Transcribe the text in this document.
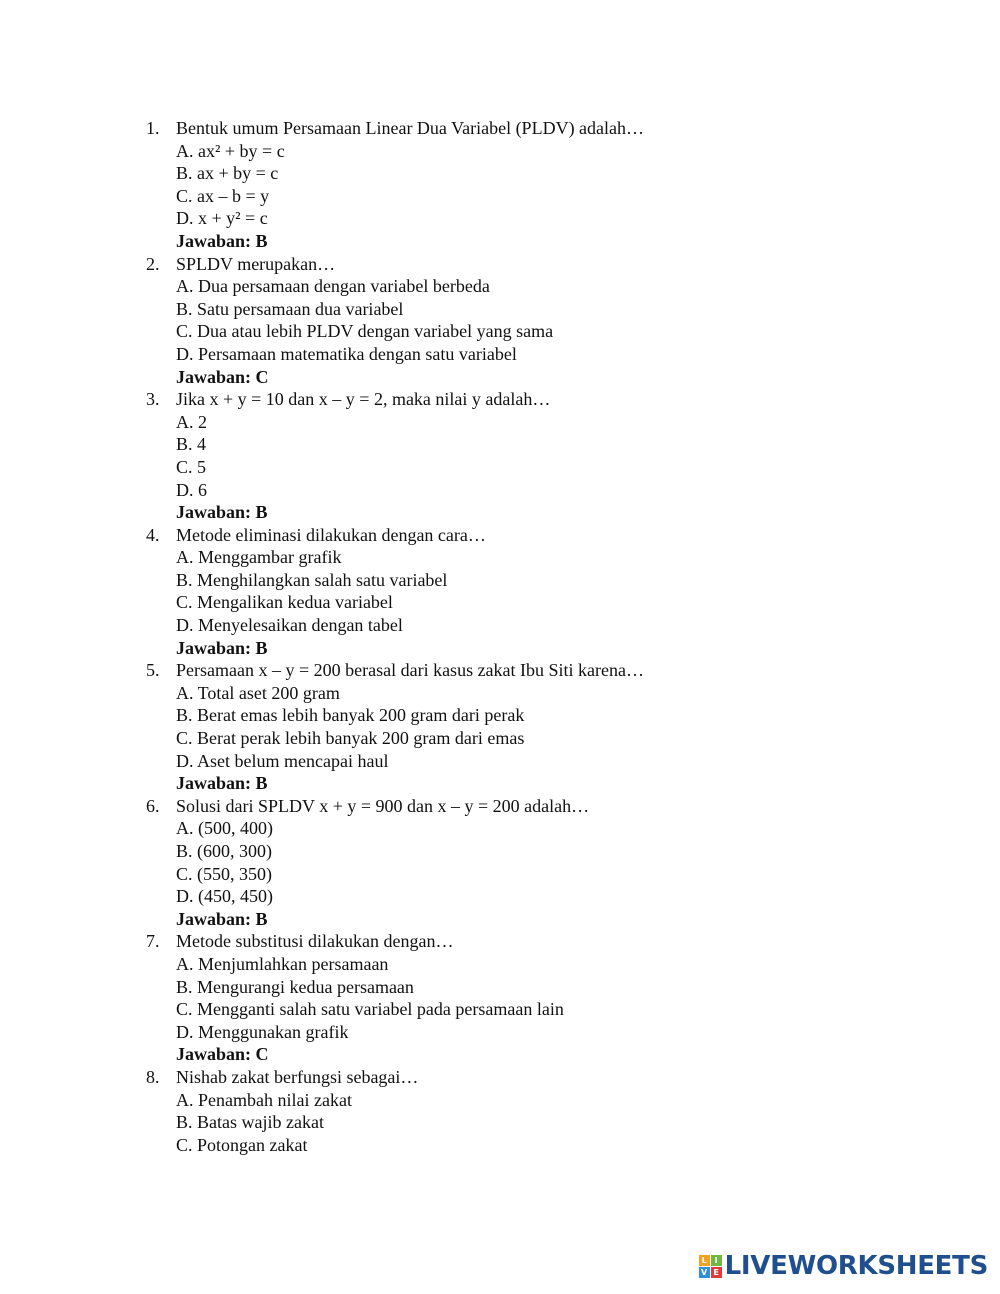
1. Bentuk umum Persamaan Linear Dua Variabel (PLDV) adalah…
A. ax² + by = c
B. ax + by = c
C. ax – b = y
D. x + y² = c
Jawaban: B
2. SPLDV merupakan…
A. Dua persamaan dengan variabel berbeda
B. Satu persamaan dua variabel
C. Dua atau lebih PLDV dengan variabel yang sama
D. Persamaan matematika dengan satu variabel
Jawaban: C
3. Jika x + y = 10 dan x – y = 2, maka nilai y adalah…
A. 2
B. 4
C. 5
D. 6
Jawaban: B
4. Metode eliminasi dilakukan dengan cara…
A. Menggambar grafik
B. Menghilangkan salah satu variabel
C. Mengalikan kedua variabel
D. Menyelesaikan dengan tabel
Jawaban: B
5. Persamaan x – y = 200 berasal dari kasus zakat Ibu Siti karena…
A. Total aset 200 gram
B. Berat emas lebih banyak 200 gram dari perak
C. Berat perak lebih banyak 200 gram dari emas
D. Aset belum mencapai haul
Jawaban: B
6. Solusi dari SPLDV x + y = 900 dan x – y = 200 adalah…
A. (500, 400)
B. (600, 300)
C. (550, 350)
D. (450, 450)
Jawaban: B
7. Metode substitusi dilakukan dengan…
A. Menjumlahkan persamaan
B. Mengurangi kedua persamaan
C. Mengganti salah satu variabel pada persamaan lain
D. Menggunakan grafik
Jawaban: C
8. Nishab zakat berfungsi sebagai…
A. Penambah nilai zakat
B. Batas wajib zakat
C. Potongan zakat
L I
V E LIVEWORKSHEETS
